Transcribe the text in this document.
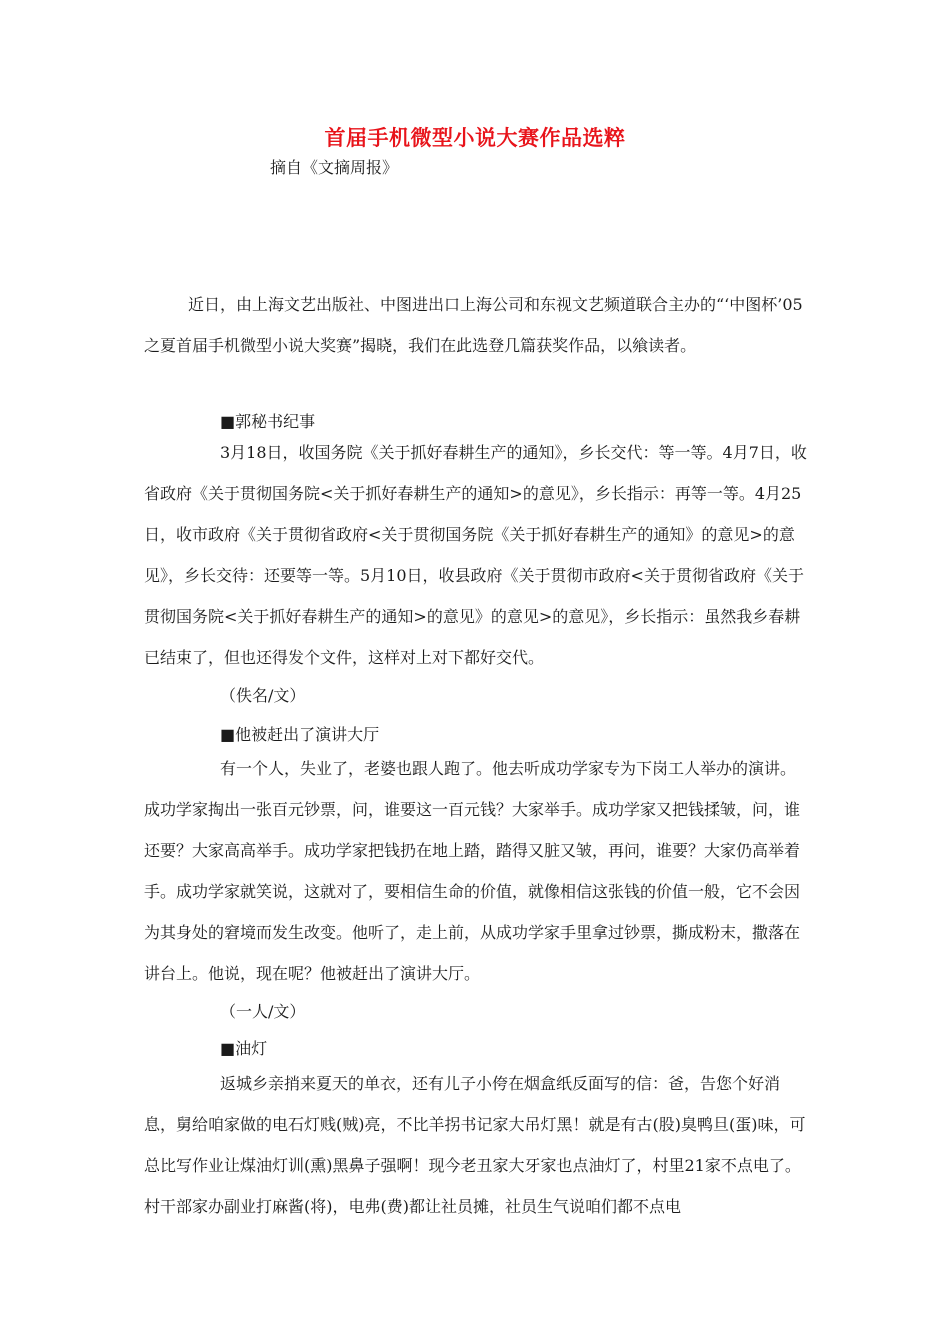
首届手机微型小说大赛作品选粹
摘自《文摘周报》

近日，由上海文艺出版社、中图进出口上海公司和东视文艺频道联合主办的“‘中图杯’05之夏首届手机微型小说大奖赛”揭晓，我们在此选登几篇获奖作品，以飨读者。

■郭秘书纪事

3月18日，收国务院《关于抓好春耕生产的通知》，乡长交代：等一等。4月7日，收省政府《关于贯彻国务院<关于抓好春耕生产的通知>的意见》，乡长指示：再等一等。4月25日，收市政府《关于贯彻省政府<关于贯彻国务院《关于抓好春耕生产的通知》的意见>的意见》，乡长交待：还要等一等。5月10日，收县政府《关于贯彻市政府<关于贯彻省政府《关于贯彻国务院<关于抓好春耕生产的通知>的意见》的意见>的意见》，乡长指示：虽然我乡春耕已结束了，但也还得发个文件，这样对上对下都好交代。

（佚名/文）
■他被赶出了演讲大厅

有一个人，失业了，老婆也跟人跑了。他去听成功学家专为下岗工人举办的演讲。成功学家掏出一张百元钞票，问，谁要这一百元钱？大家举手。成功学家又把钱揉皱，问，谁还要？大家高高举手。成功学家把钱扔在地上踏，踏得又脏又皱，再问，谁要？大家仍高举着手。成功学家就笑说，这就对了，要相信生命的价值，就像相信这张钱的价值一般，它不会因为其身处的窘境而发生改变。他听了，走上前，从成功学家手里拿过钞票，撕成粉末，撒落在讲台上。他说，现在呢？他被赶出了演讲大厅。

（一人/文）
■油灯

返城乡亲捎来夏天的单衣，还有儿子小侉在烟盒纸反面写的信：爸，告您个好消息，舅给咱家做的电石灯贱(贼)亮，不比羊拐书记家大吊灯黑！就是有古(股)臭鸭旦(蛋)味，可总比写作业让煤油灯训(熏)黑鼻子强啊！现今老丑家大牙家也点油灯了，村里21家不点电了。村干部家办副业打麻酱(将)，电弗(费)都让社员摊，社员生气说咱们都不点电
